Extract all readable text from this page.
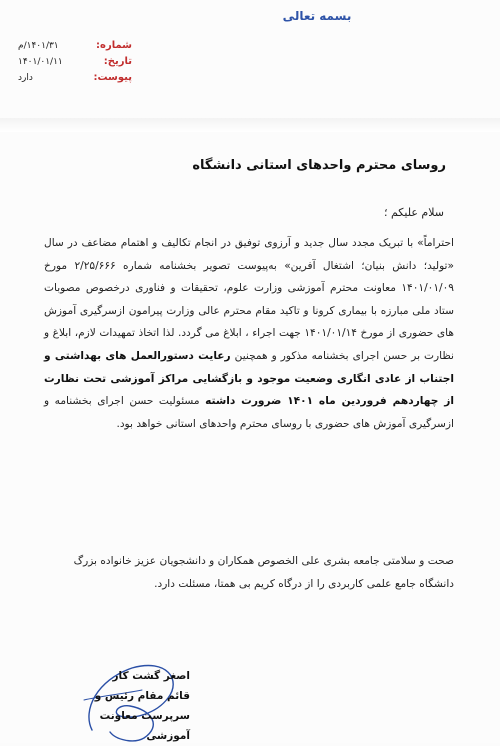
بسمه تعالی
شماره:
۱۴۰۱/۳۱/م
تاریخ:
۱۴۰۱/۰۱/۱۱
پیوست:
دارد
روسای محترم واحدهای استانی دانشگاه
سلام علیکم ؛

احتراماً» با تبریک مجدد سال جدید و آرزوی توفیق در انجام تکالیف و اهتمام مضاعف در سال «تولید؛ دانش بنیان؛ اشتغال آفرین» به‌پیوست تصویر بخشنامه شماره ۲/۲۵/۶۶۶ مورخ ۱۴۰۱/۰۱/۰۹ معاونت محترم آموزشی وزارت علوم، تحقیقات و فناوری درخصوص مصوبات ستاد ملی مبارزه با بیماری کرونا و تاکید مقام محترم عالی وزارت پیرامون ازسرگیری آموزش های حضوری از مورخ ۱۴۰۱/۰۱/۱۴ جهت اجراء ، ابلاغ می گردد. لذا اتخاذ تمهیدات لازم، ابلاغ و نظارت بر حسن اجرای بخشنامه مذکور و همچنین رعایت دستورالعمل های بهداشتی و اجتناب از عادی انگاری وضعیت موجود و بازگشایی مراکز آموزشی تحت نظارت از چهاردهم فروردین ماه ۱۴۰۱ ضرورت داشته مسئولیت حسن اجرای بخشنامه و ازسرگیری آموزش های حضوری با روسای محترم واحدهای استانی خواهد بود.

صحت و سلامتی جامعه بشری علی الخصوص همکاران و دانشجویان عزیز خانواده بزرگ دانشگاه جامع علمی کاربردی را از درگاه کریم بی همتا، مسئلت دارد.
اصغر گشت کار
قائم مقام رئیس و
سرپرست معاونت آموزشی
